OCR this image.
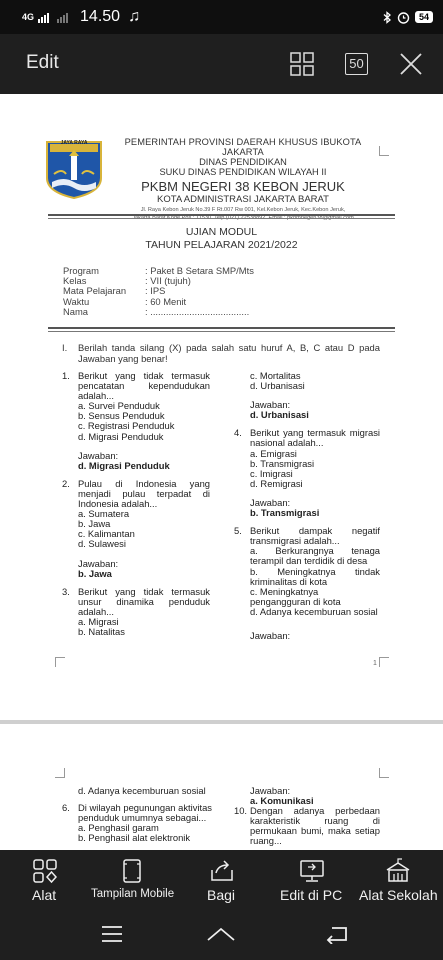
4G	14.50 ♫	54
Edit	50
JAYA RAYA	PEMERINTAH PROVINSI DAERAH KHUSUS IBUKOTA JAKARTA
DINAS PENDIDIKAN
SUKU DINAS PENDIDIKAN WILAYAH II
PKBM NEGERI 38 KEBON JERUK
KOTA ADMINISTRASI JAKARTA BARAT
Jl. Raya Kebon Jeruk No.39 F Rt.007 Rw 001, Kel.Kebon Jeruk, Kec.Kebon Jeruk,
Jakarta Barat Kode Pos : 11530. Telp (021) 22538892. Email : pkbmnegeri38@gmail.com
UJIAN MODUL
TAHUN PELAJARAN 2021/2022
Program	: Paket B Setara SMP/Mts
Kelas	: VII (tujuh)
Mata Pelajaran	: IPS
Waktu	: 60 Menit
Nama	: ......................................
I. Berilah tanda silang (X) pada salah satu huruf A, B, C atau D pada Jawaban yang benar!
1. Berikut yang tidak termasuk pencatatan kependudukan adalah...
a. Survei Penduduk
b. Sensus Penduduk
c. Registrasi Penduduk
d. Migrasi Penduduk
Jawaban:
d. Migrasi Penduduk
2. Pulau di Indonesia yang menjadi pulau terpadat di Indonesia adalah...
a. Sumatera
b. Jawa
c. Kalimantan
d. Sulawesi
Jawaban:
b. Jawa
3. Berikut yang tidak termasuk unsur dinamika penduduk adalah...
a. Migrasi
b. Natalitas
c. Mortalitas
d. Urbanisasi
Jawaban:
d. Urbanisasi
4. Berikut yang termasuk migrasi nasional adalah...
a. Emigrasi
b. Transmigrasi
c. Imigrasi
d. Remigrasi
Jawaban:
b. Transmigrasi
5. Berikut dampak negatif transmigrasi adalah...
a. Berkurangnya tenaga terampil dan terdidik di desa
b. Meningkatnya tindak kriminalitas di kota
c. Meningkatnya pengangguran di kota
d. Adanya kecemburuan sosial
Jawaban:
1
d. Adanya kecemburuan sosial
6. Di wilayah pegunungan aktivitas penduduk umumnya sebagai...
a. Penghasil garam
b. Penghasil alat elektronik
Jawaban:
a. Komunikasi
10. Dengan adanya perbedaan karakteristik ruang di permukaan bumi, maka setiap ruang...
Alat	Tampilan Mobile Bagi	Edit di PC Alat Sekolah
